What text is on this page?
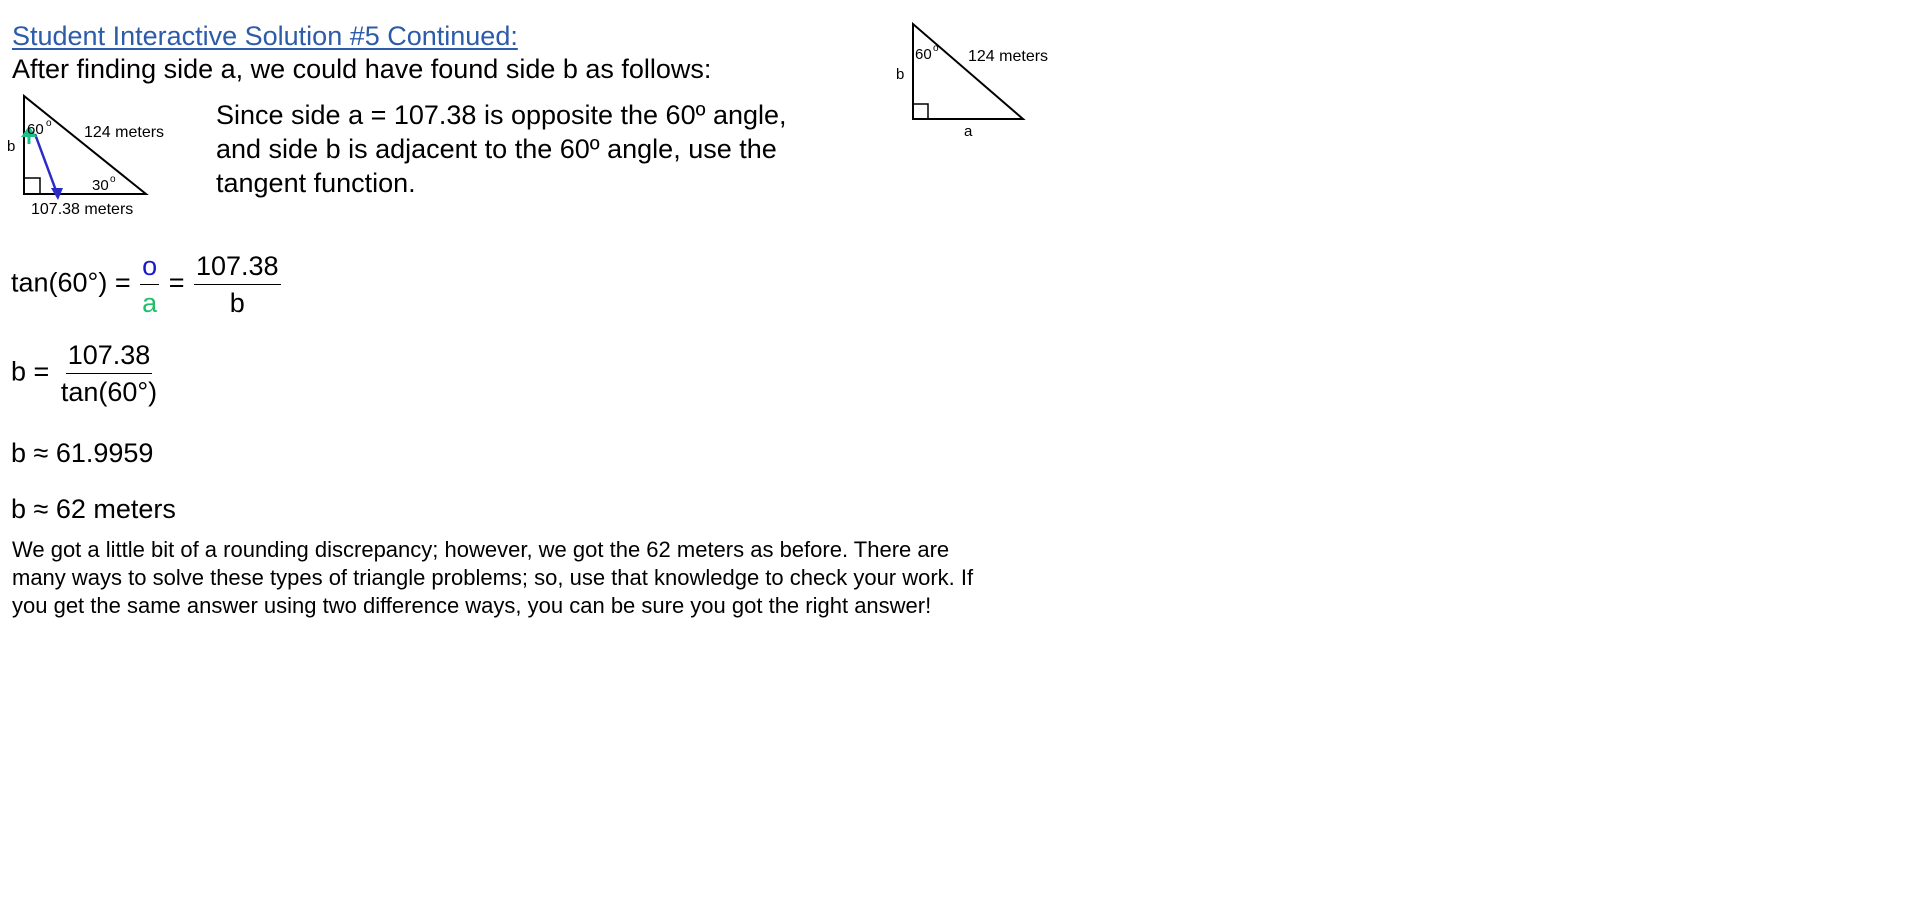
Student Interactive Solution #5 Continued:
After finding side a, we could have found side b as follows:
60 o
30 o
124 meters
b
107.38 meters
Since side a = 107.38 is opposite the 60º angle,
and side b is adjacent to the 60º angle, use the
tangent function.
60 o 124 meters
b
a
$\tan(60^\circ) = \frac{o}{a} = \frac{107.38}{b}$
$b = \frac{107.38}{\tan(60^\circ)}$
b ≈ 61.9959
b ≈ 62 meters
We got a little bit of a rounding discrepancy; however, we got the 62 meters as before. There are
many ways to solve these types of triangle problems; so, use that knowledge to check your work. If
you get the same answer using two difference ways, you can be sure you got the right answer!
